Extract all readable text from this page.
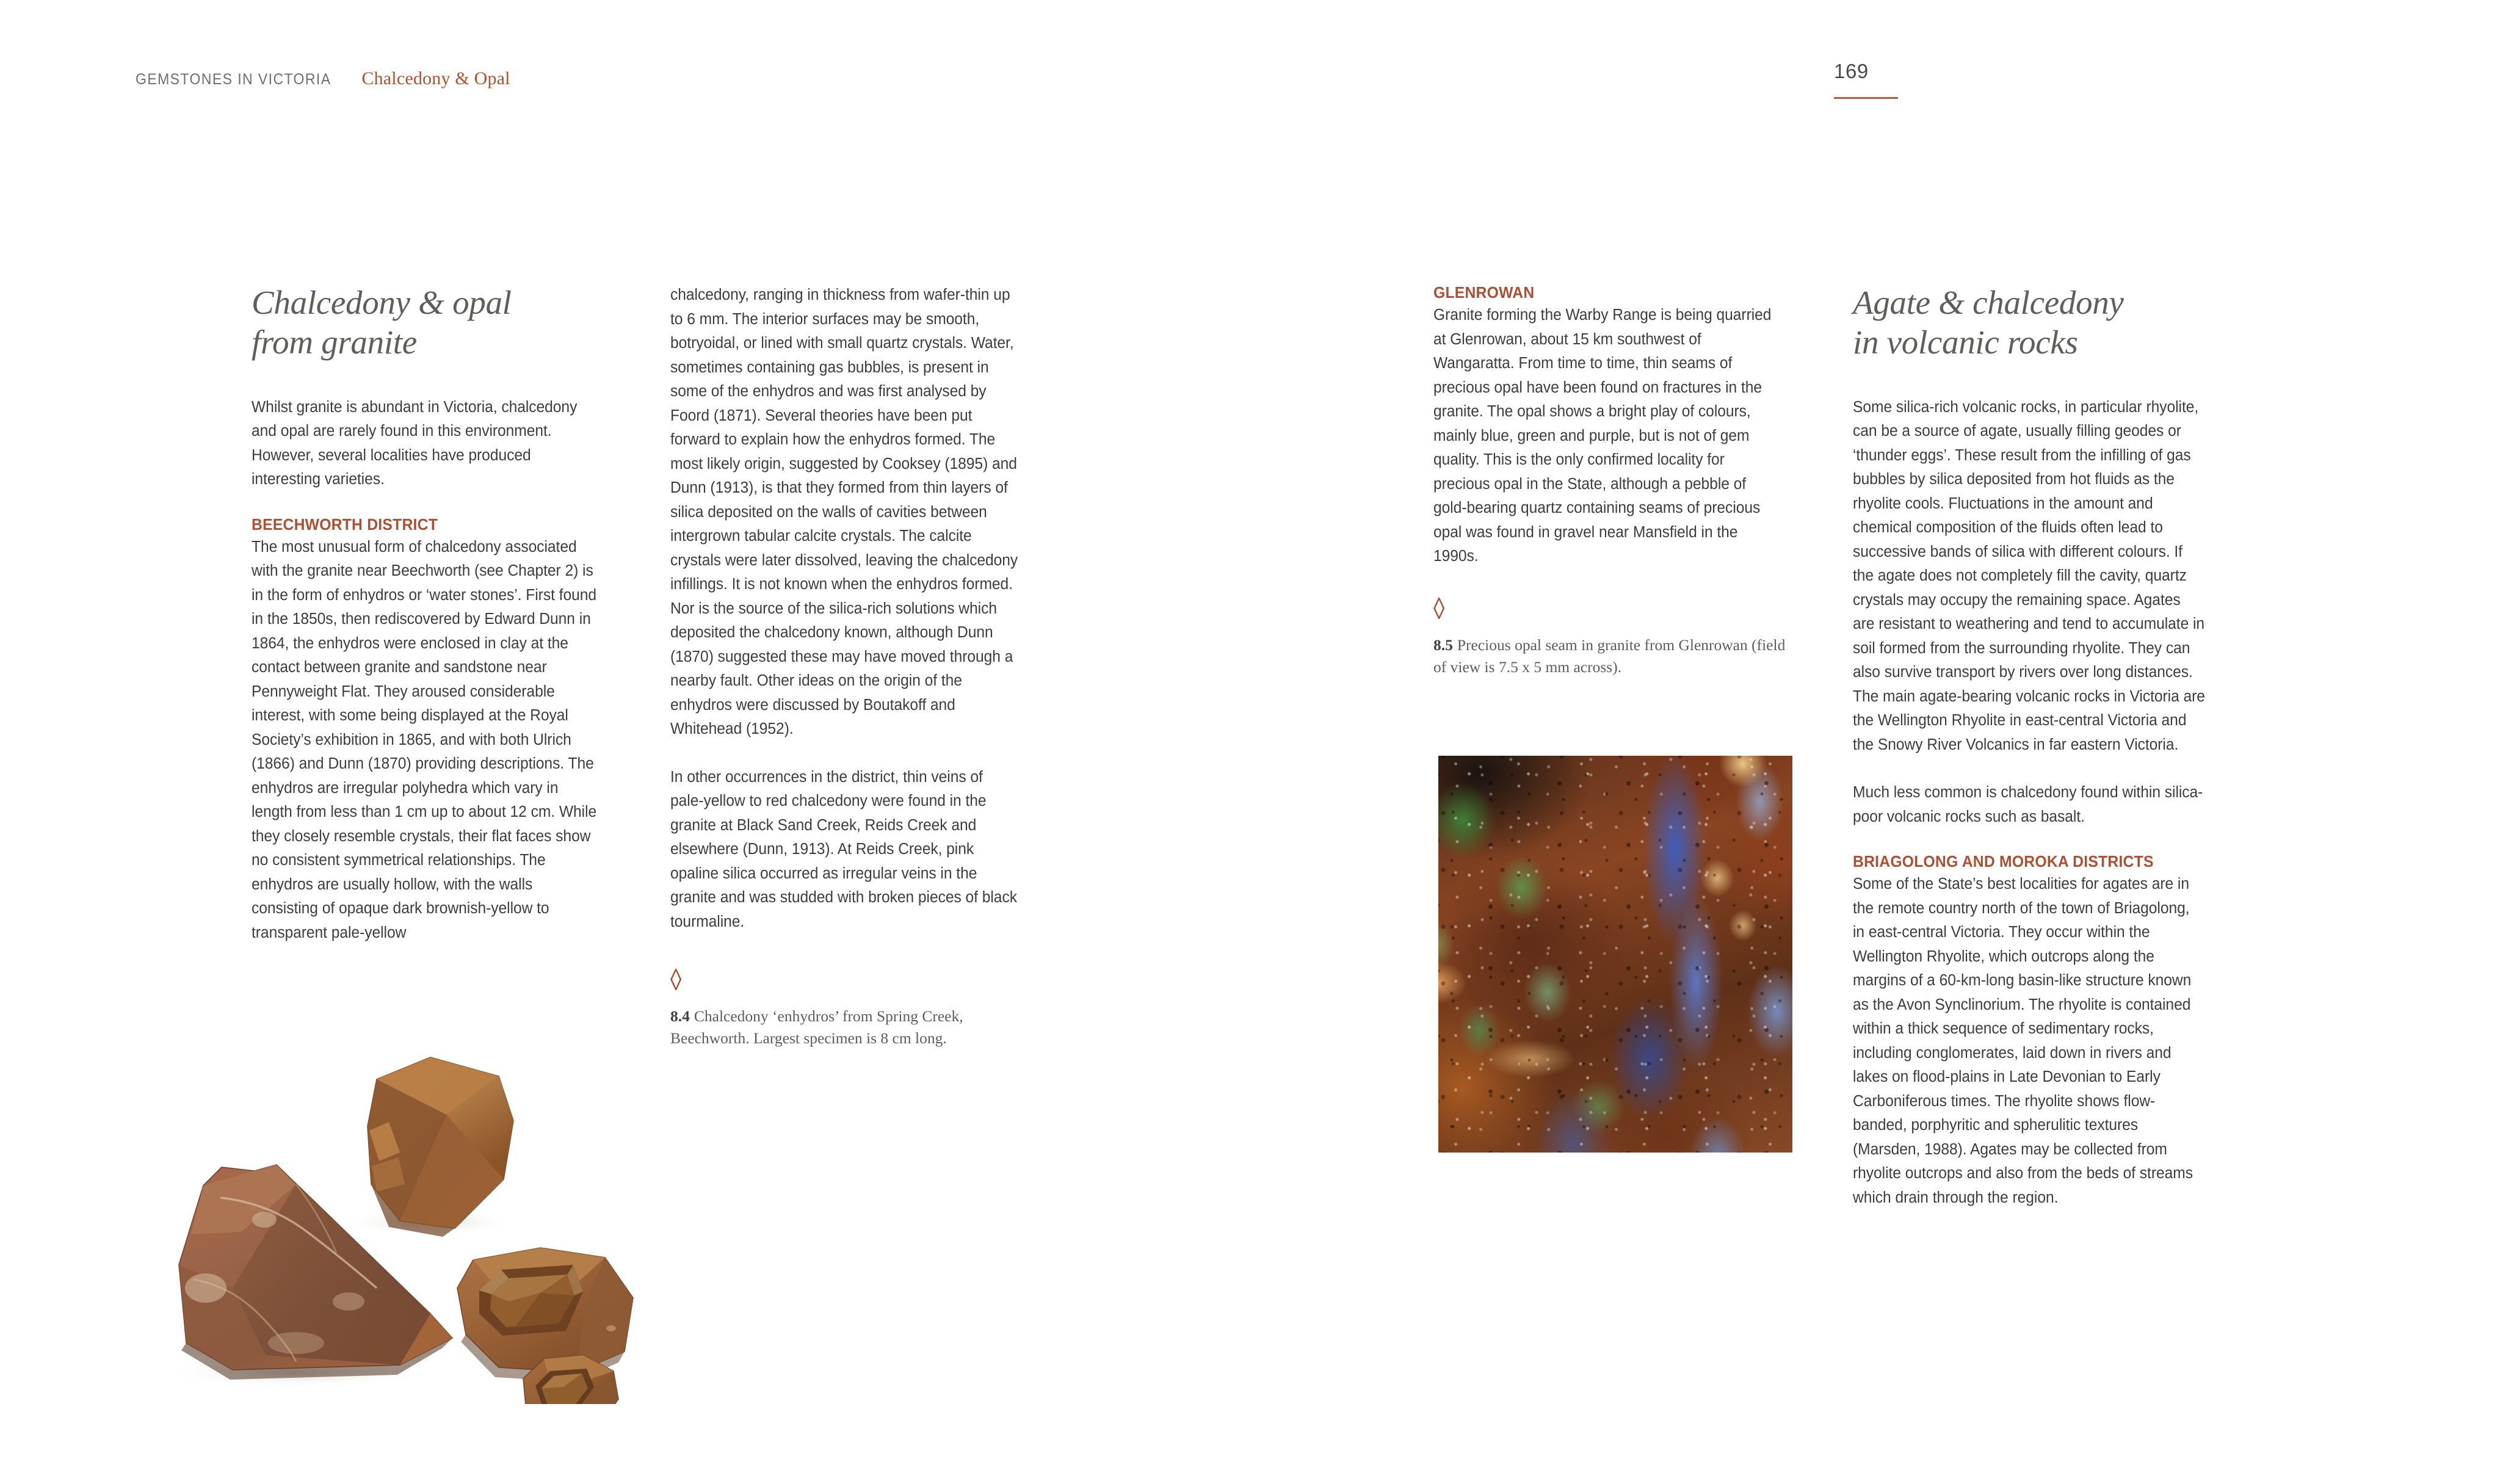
GEMSTONES IN VICTORIA Chalcedony & Opal	169
Chalcedony & opal
from granite

Whilst granite is abundant in Victoria, chalcedony and opal are rarely found in this environment. However, several localities have produced interesting varieties.

BEECHWORTH DISTRICT

The most unusual form of chalcedony associated with the granite near Beechworth (see Chapter 2) is in the form of enhydros or ‘water stones’. First found in the 1850s, then rediscovered by Edward Dunn in 1864, the enhydros were enclosed in clay at the contact between granite and sandstone near Pennyweight Flat. They aroused considerable interest, with some being displayed at the Royal Society’s exhibition in 1865, and with both Ulrich (1866) and Dunn (1870) providing descriptions. The enhydros are irregular polyhedra which vary in length from less than 1 cm up to about 12 cm. While they closely resemble crystals, their flat faces show no consistent symmetrical relationships. The enhydros are usually hollow, with the walls consisting of opaque dark brownish-yellow to transparent pale-yellow

chalcedony, ranging in thickness from wafer-thin up to 6 mm. The interior surfaces may be smooth, botryoidal, or lined with small quartz crystals. Water, sometimes containing gas bubbles, is present in some of the enhydros and was first analysed by Foord (1871). Several theories have been put forward to explain how the enhydros formed. The most likely origin, suggested by Cooksey (1895) and Dunn (1913), is that they formed from thin layers of silica deposited on the walls of cavities between intergrown tabular calcite crystals. The calcite crystals were later dissolved, leaving the chalcedony infillings. It is not known when the enhydros formed. Nor is the source of the silica-rich solutions which deposited the chalcedony known, although Dunn (1870) suggested these may have moved through a nearby fault. Other ideas on the origin of the enhydros were discussed by Boutakoff and Whitehead (1952).

In other occurrences in the district, thin veins of pale-yellow to red chalcedony were found in the granite at Black Sand Creek, Reids Creek and elsewhere (Dunn, 1913). At Reids Creek, pink opaline silica occurred as irregular veins in the granite and was studded with broken pieces of black tourmaline.

◊

8.4 Chalcedony ‘enhydros’ from Spring Creek, Beechworth. Largest specimen is 8 cm long.

GLENROWAN

Granite forming the Warby Range is being quarried at Glenrowan, about 15 km southwest of Wangaratta. From time to time, thin seams of precious opal have been found on fractures in the granite. The opal shows a bright play of colours, mainly blue, green and purple, but is not of gem quality. This is the only confirmed locality for precious opal in the State, although a pebble of gold-bearing quartz containing seams of precious opal was found in gravel near Mansfield in the 1990s.

◊

8.5 Precious opal seam in granite from Glenrowan (field of view is 7.5 x 5 mm across).

Agate & chalcedony
in volcanic rocks

Some silica-rich volcanic rocks, in particular rhyolite, can be a source of agate, usually filling geodes or ‘thunder eggs’. These result from the infilling of gas bubbles by silica deposited from hot fluids as the rhyolite cools. Fluctuations in the amount and chemical composition of the fluids often lead to successive bands of silica with different colours. If the agate does not completely fill the cavity, quartz crystals may occupy the remaining space. Agates are resistant to weathering and tend to accumulate in soil formed from the surrounding rhyolite. They can also survive transport by rivers over long distances. The main agate-bearing volcanic rocks in Victoria are the Wellington Rhyolite in east-central Victoria and the Snowy River Volcanics in far eastern Victoria.

Much less common is chalcedony found within silica-poor volcanic rocks such as basalt.

BRIAGOLONG AND MOROKA DISTRICTS

Some of the State’s best localities for agates are in the remote country north of the town of Briagolong, in east-central Victoria. They occur within the Wellington Rhyolite, which outcrops along the margins of a 60-km-long basin-like structure known as the Avon Synclinorium. The rhyolite is contained within a thick sequence of sedimentary rocks, including conglomerates, laid down in rivers and lakes on flood-plains in Late Devonian to Early Carboniferous times. The rhyolite shows flow-banded, porphyritic and spherulitic textures (Marsden, 1988). Agates may be collected from rhyolite outcrops and also from the beds of streams which drain through the region.
